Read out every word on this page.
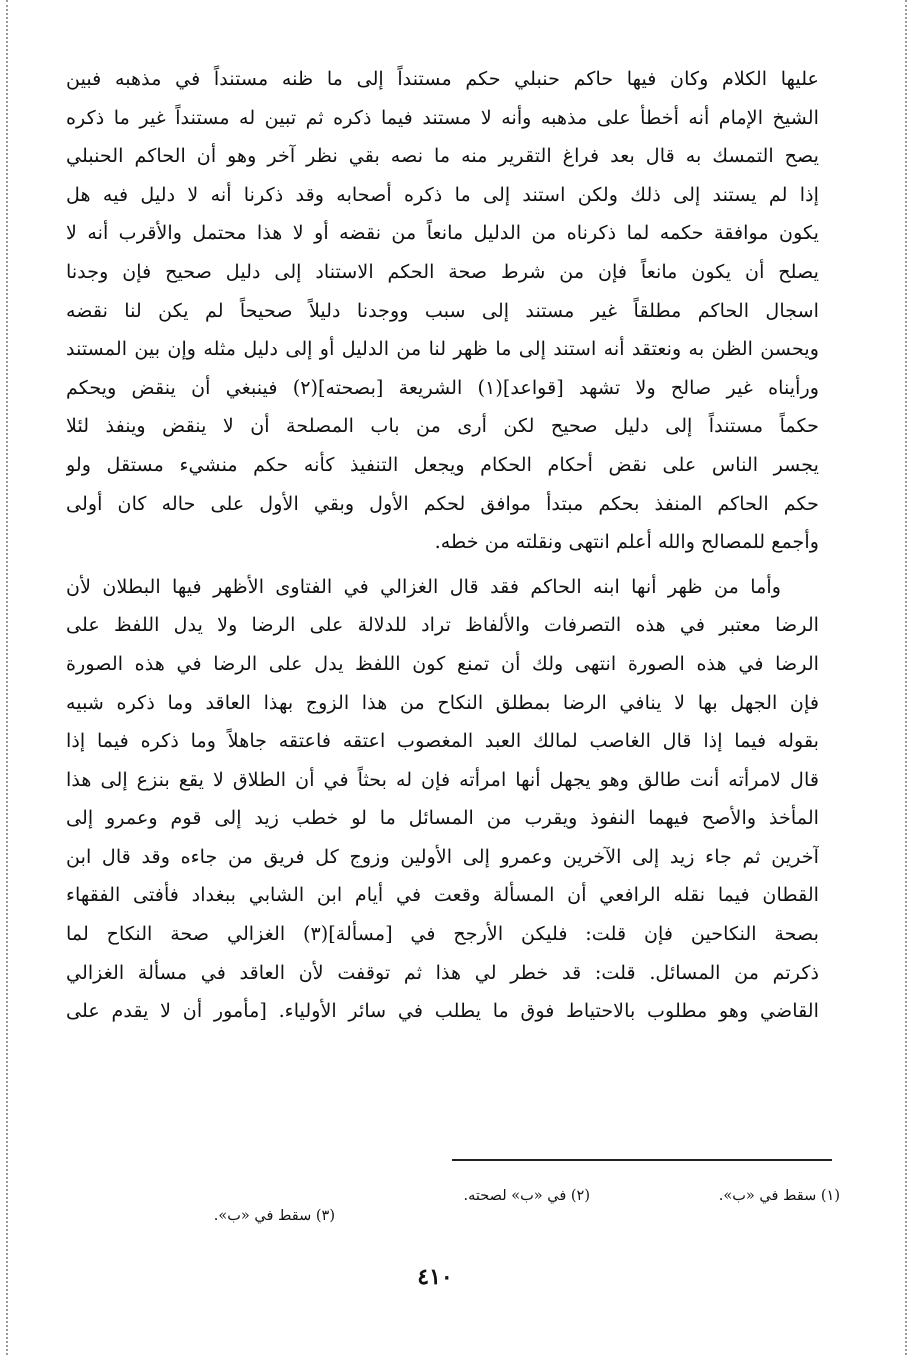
عليها الكلام وكان فيها حاكم حنبلي حكم مستنداً إلى ما ظنه مستنداً في مذهبه فبين
الشيخ الإمام أنه أخطأ على مذهبه وأنه لا مستند فيما ذكره ثم تبين له مستنداً غير ما ذكره
يصح التمسك به قال بعد فراغ التقرير منه ما نصه بقي نظر آخر وهو أن الحاكم الحنبلي
إذا لم يستند إلى ذلك ولكن استند إلى ما ذكره أصحابه وقد ذكرنا أنه لا دليل فيه هل
يكون موافقة حكمه لما ذكرناه من الدليل مانعاً من نقضه أو لا هذا محتمل والأقرب أنه لا
يصلح أن يكون مانعاً فإن من شرط صحة الحكم الاستناد إلى دليل صحيح فإن وجدنا
اسجال الحاكم مطلقاً غير مستند إلى سبب ووجدنا دليلاً صحيحاً لم يكن لنا نقضه
ويحسن الظن به ونعتقد أنه استند إلى ما ظهر لنا من الدليل أو إلى دليل مثله وإن بين المستند
ورأيناه غير صالح ولا تشهد [قواعد](١) الشريعة [بصحته](٢) فينبغي أن ينقض ويحكم
حكماً مستنداً إلى دليل صحيح لكن أرى من باب المصلحة أن لا ينقض وينفذ لئلا
يجسر الناس على نقض أحكام الحكام ويجعل التنفيذ كأنه حكم منشيء مستقل ولو
حكم الحاكم المنفذ بحكم مبتدأ موافق لحكم الأول وبقي الأول على حاله كان أولى
وأجمع للمصالح والله أعلم انتهى ونقلته من خطه.
وأما من ظهر أنها ابنه الحاكم فقد قال الغزالي في الفتاوى الأظهر فيها البطلان لأن
الرضا معتبر في هذه التصرفات والألفاظ تراد للدلالة على الرضا ولا يدل اللفظ على
الرضا في هذه الصورة انتهى ولك أن تمنع كون اللفظ يدل على الرضا في هذه الصورة
فإن الجهل بها لا ينافي الرضا بمطلق النكاح من هذا الزوج بهذا العاقد وما ذكره شبيه
بقوله فيما إذا قال الغاصب لمالك العبد المغصوب اعتقه فاعتقه جاهلاً وما ذكره فيما إذا
قال لامرأته أنت طالق وهو يجهل أنها امرأته فإن له بحثاً في أن الطلاق لا يقع بنزع إلى هذا
المأخذ والأصح فيهما النفوذ ويقرب من المسائل ما لو خطب زيد إلى قوم وعمرو إلى
آخرين ثم جاء زيد إلى الآخرين وعمرو إلى الأولين وزوج كل فريق من جاءه وقد قال ابن
القطان فيما نقله الرافعي أن المسألة وقعت في أيام ابن الشابي ببغداد فأفتى الفقهاء
بصحة النكاحين فإن قلت: فليكن الأرجح في [مسألة](٣) الغزالي صحة النكاح لما
ذكرتم من المسائل. قلت: قد خطر لي هذا ثم توقفت لأن العاقد في مسألة الغزالي
القاضي وهو مطلوب بالاحتياط فوق ما يطلب في سائر الأولياء. [مأمور أن لا يقدم على
(١) سقط في «ب».
(٢) في «ب» لصحته.
(٣) سقط في «ب».
٤١٠
